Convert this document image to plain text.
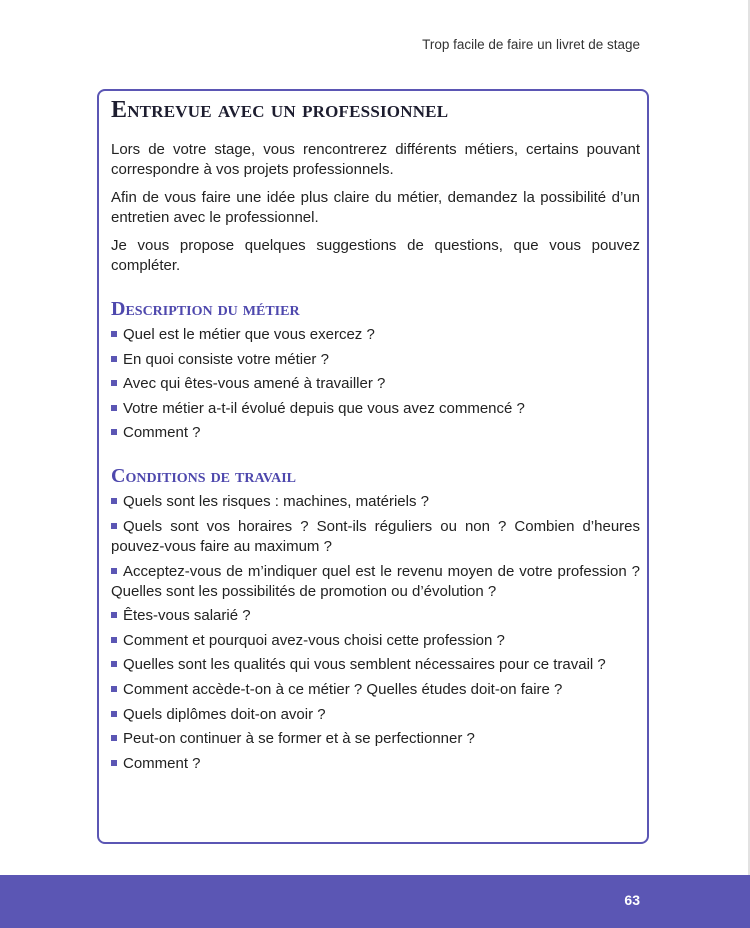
Trop facile de faire un livret de stage
Entrevue avec un professionnel

Lors de votre stage, vous rencontrerez différents métiers, certains pouvant correspondre à vos projets professionnels.

Afin de vous faire une idée plus claire du métier, demandez la possibilité d’un entretien avec le professionnel.

Je vous propose quelques suggestions de questions, que vous pouvez compléter.

Description du métier
Quel est le métier que vous exercez ?
En quoi consiste votre métier ?
Avec qui êtes-vous amené à travailler ?
Votre métier a-t-il évolué depuis que vous avez commencé ?
Comment ?
Conditions de travail
Quels sont les risques : machines, matériels ?
Quels sont vos horaires ? Sont-ils réguliers ou non ? Combien d’heures pouvez-vous faire au maximum ?
Acceptez-vous de m’indiquer quel est le revenu moyen de votre profession ? Quelles sont les possibilités de promotion ou d’évolution ?
Êtes-vous salarié ?
Comment et pourquoi avez-vous choisi cette profession ?
Quelles sont les qualités qui vous semblent nécessaires pour ce travail ?
Comment accède-t-on à ce métier ? Quelles études doit-on faire ?
Quels diplômes doit-on avoir ?
Peut-on continuer à se former et à se perfectionner ?
Comment ?
63
